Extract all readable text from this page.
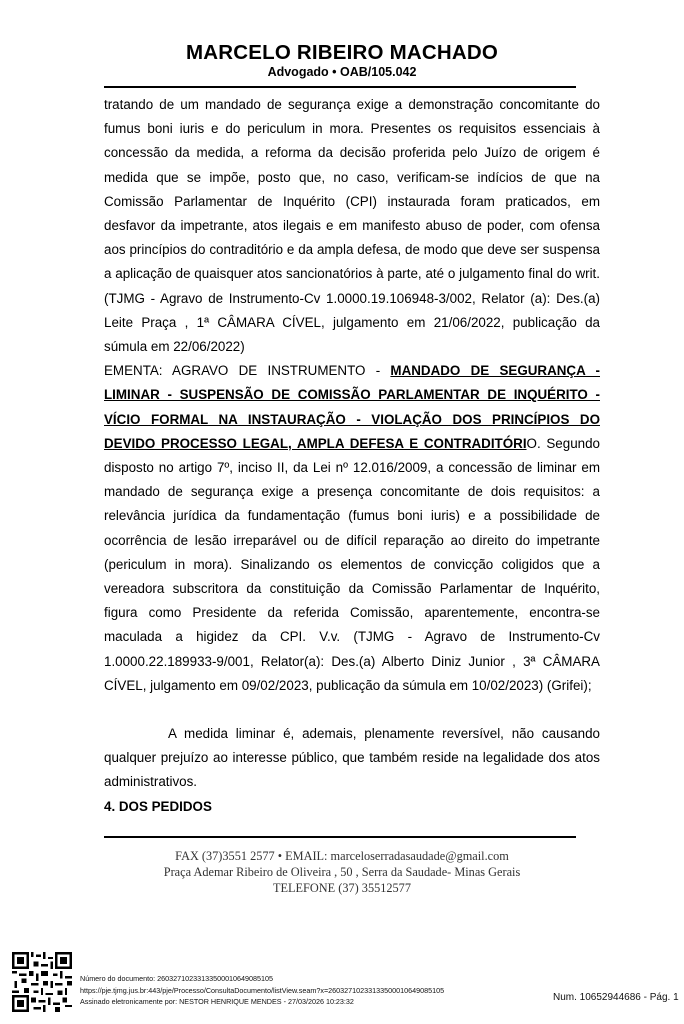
MARCELO RIBEIRO MACHADO
Advogado • OAB/105.042

tratando de um mandado de segurança exige a demonstração concomitante do fumus boni iuris e do periculum in mora. Presentes os requisitos essenciais à concessão da medida, a reforma da decisão proferida pelo Juízo de origem é medida que se impõe, posto que, no caso, verificam-se indícios de que na Comissão Parlamentar de Inquérito (CPI) instaurada foram praticados, em desfavor da impetrante, atos ilegais e em manifesto abuso de poder, com ofensa aos princípios do contraditório e da ampla defesa, de modo que deve ser suspensa a aplicação de quaisquer atos sancionatórios à parte, até o julgamento final do writ. (TJMG - Agravo de Instrumento-Cv 1.0000.19.106948-3/002, Relator (a): Des.(a) Leite Praça , 1ª CÂMARA CÍVEL, julgamento em 21/06/2022, publicação da súmula em 22/06/2022)

EMENTA: AGRAVO DE INSTRUMENTO - MANDADO DE SEGURANÇA - LIMINAR - SUSPENSÃO DE COMISSÃO PARLAMENTAR DE INQUÉRITO - VÍCIO FORMAL NA INSTAURAÇÃO - VIOLAÇÃO DOS PRINCÍPIOS DO DEVIDO PROCESSO LEGAL, AMPLA DEFESA E CONTRADITÓRIO. Segundo disposto no artigo 7º, inciso II, da Lei nº 12.016/2009, a concessão de liminar em mandado de segurança exige a presença concomitante de dois requisitos: a relevância jurídica da fundamentação (fumus boni iuris) e a possibilidade de ocorrência de lesão irreparável ou de difícil reparação ao direito do impetrante (periculum in mora). Sinalizando os elementos de convicção coligidos que a vereadora subscritora da constituição da Comissão Parlamentar de Inquérito, figura como Presidente da referida Comissão, aparentemente, encontra-se maculada a higidez da CPI. V.v. (TJMG - Agravo de Instrumento-Cv 1.0000.22.189933-9/001, Relator(a): Des.(a) Alberto Diniz Junior , 3ª CÂMARA CÍVEL, julgamento em 09/02/2023, publicação da súmula em 10/02/2023) (Grifei);

A medida liminar é, ademais, plenamente reversível, não causando qualquer prejuízo ao interesse público, que também reside na legalidade dos atos administrativos.

4. DOS PEDIDOS

FAX (37)3551 2577 • EMAIL: marceloserradasaudade@gmail.com
Praça Ademar Ribeiro de Oliveira , 50 , Serra da Saudade- Minas Gerais
TELEFONE (37) 35512577
Número do documento: 26032710233133500010649085105
https://pje.tjmg.jus.br:443/pje/Processo/ConsultaDocumento/listView.seam?x=26032710233133500010649085105
Assinado eletronicamente por: NESTOR HENRIQUE MENDES - 27/03/2026 10:23:32	Num. 10652944686 - Pág. 1
